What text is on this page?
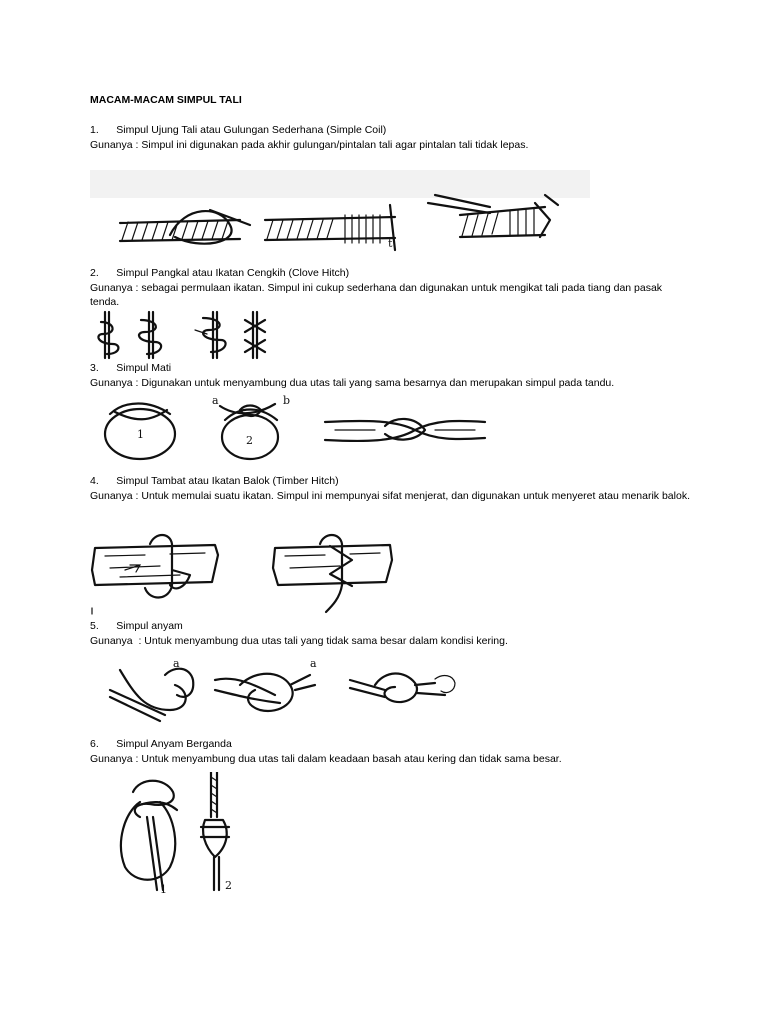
MACAM-MACAM SIMPUL TALI
1.      Simpul Ujung Tali atau Gulungan Sederhana (Simple Coil)
Gunanya : Simpul ini digunakan pada akhir gulungan/pintalan tali agar pintalan tali tidak lepas.
t
2.      Simpul Pangkal atau Ikatan Cengkih (Clove Hitch)
Gunanya : sebagai permulaan ikatan. Simpul ini cukup sederhana dan digunakan untuk mengikat tali pada tiang dan pasak tenda.
3.      Simpul Mati
Gunanya : Digunakan untuk menyambung dua utas tali yang sama besarnya dan merupakan simpul pada tandu.
1	2
a	b
4.      Simpul Tambat atau Ikatan Balok (Timber Hitch)
Gunanya : Untuk memulai suatu ikatan. Simpul ini mempunyai sifat menjerat, dan digunakan untuk menyeret atau menarik balok.
5.      Simpul anyam
Gunanya  : Untuk menyambung dua utas tali yang tidak sama besar dalam kondisi kering.
a	a
6.      Simpul Anyam Berganda
Gunanya : Untuk menyambung dua utas tali dalam keadaan basah atau kering dan tidak sama besar.
1	2
